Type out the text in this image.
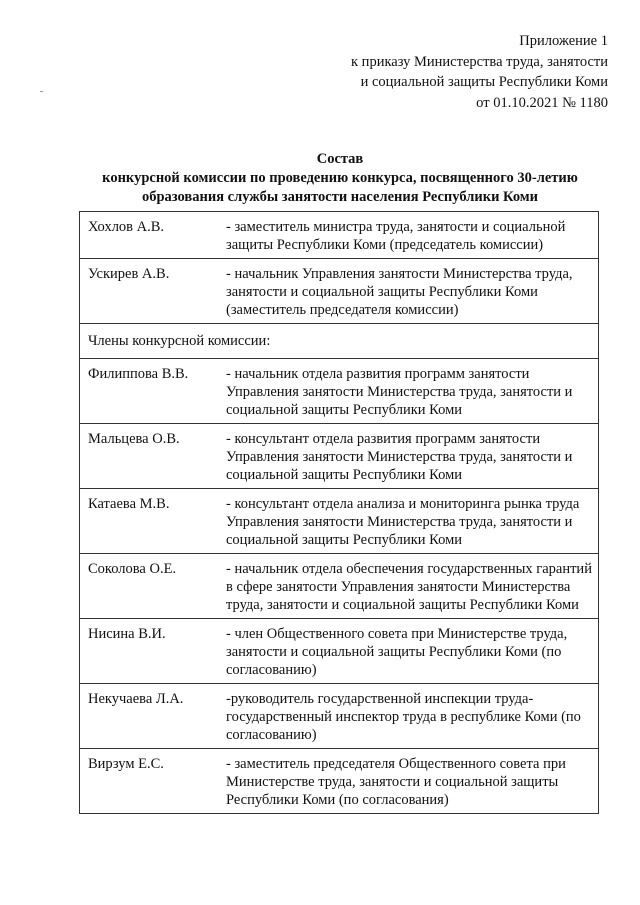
Приложение 1
к приказу Министерства труда, занятости
и социальной защиты Республики Коми
от 01.10.2021 № 1180
Состав
конкурсной комиссии по проведению конкурса, посвященного 30-летию
образования службы занятости населения Республики Коми
Хохлов А.В.	- заместитель министра труда, занятости и социальной защиты Республики Коми (председатель комиссии)
Ускирев А.В.	- начальник Управления занятости Министерства труда, занятости и социальной защиты Республики Коми (заместитель председателя комиссии)
Члены конкурсной комиссии:	
Филиппова В.В.	- начальник отдела развития программ занятости Управления занятости Министерства труда, занятости и социальной защиты Республики Коми
Мальцева О.В.	- консультант отдела развития программ занятости Управления занятости Министерства труда, занятости и социальной защиты Республики Коми
Катаева М.В.	- консультант отдела анализа и мониторинга рынка труда Управления занятости Министерства труда, занятости и социальной защиты Республики Коми
Соколова О.Е.	- начальник отдела обеспечения государственных гарантий в сфере занятости Управления занятости Министерства труда, занятости и социальной защиты Республики Коми
Нисина В.И.	- член Общественного совета при Министерстве труда, занятости и социальной защиты Республики Коми (по согласованию)
Некучаева Л.А.	-руководитель государственной инспекции труда-государственный инспектор труда в республике Коми (по согласованию)
Вирзум Е.С.	- заместитель председателя Общественного совета при Министерстве труда, занятости и социальной защиты Республики Коми (по согласования)
